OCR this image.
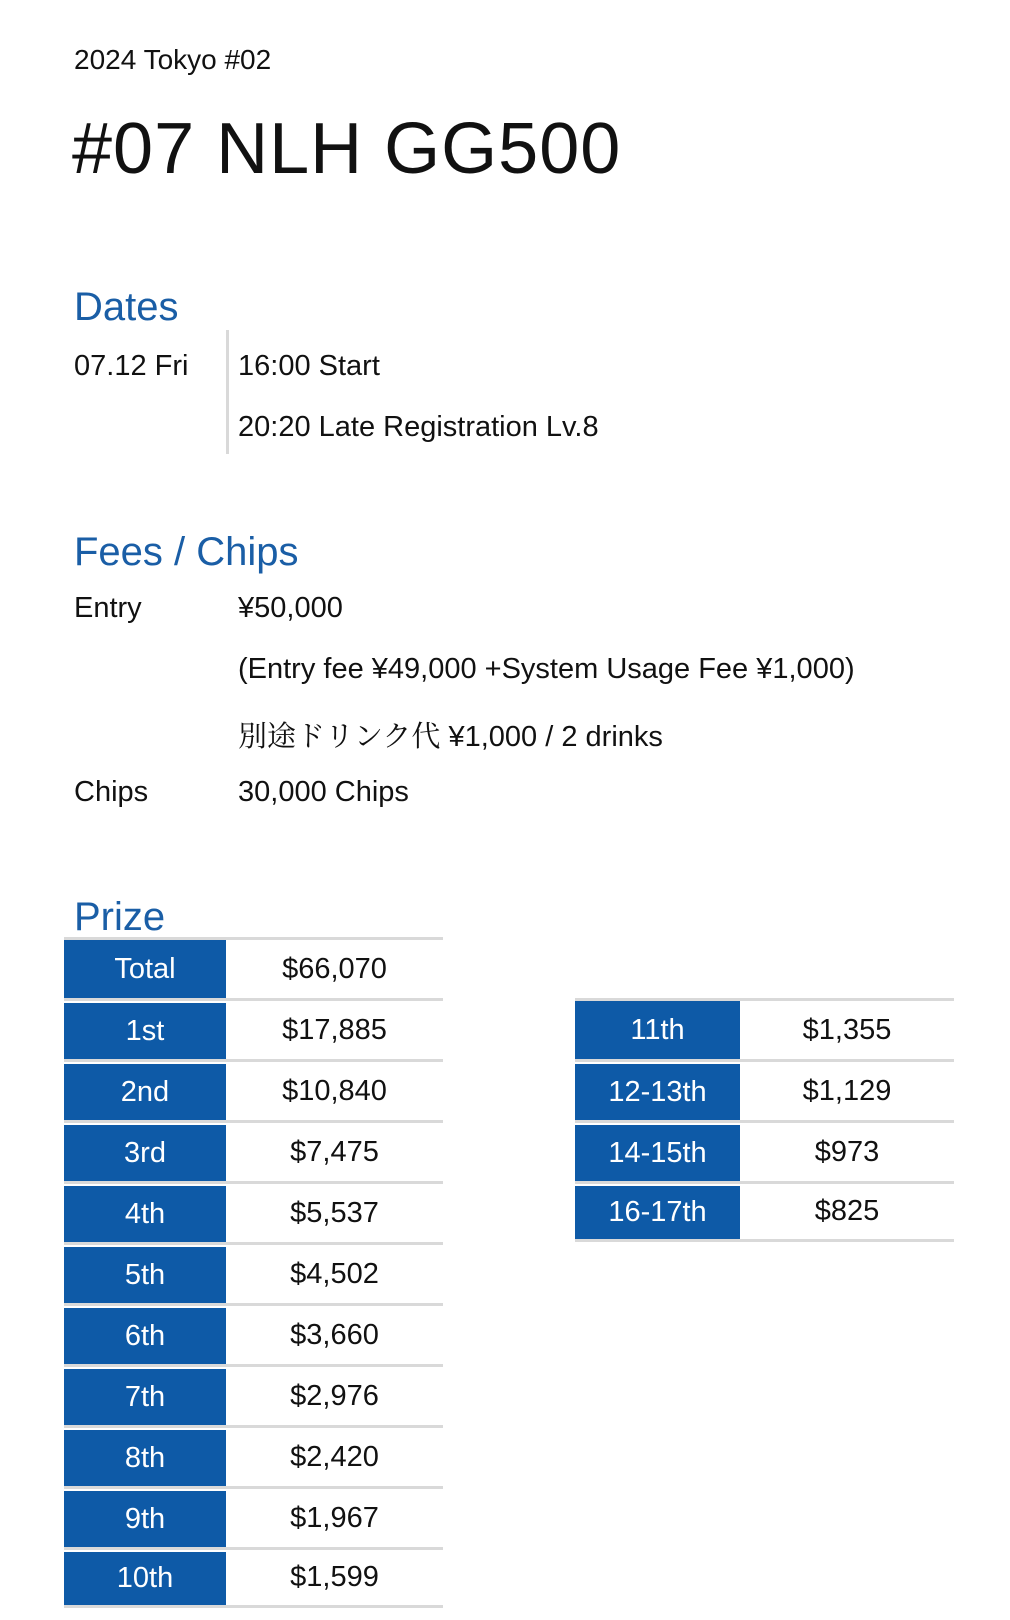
2024 Tokyo #02
#07 NLH GG500
Dates
07.12 Fri 16:00 Start
20:20 Late Registration Lv.8
Fees / Chips
Entry	¥50,000
(Entry fee ¥49,000 +System Usage Fee ¥1,000)
別途ドリンク代 ¥1,000 / 2 drinks
Chips	30,000 Chips
Prize
Total	$66,070
1st	$17,885
2nd	$10,840
3rd	$7,475
4th	$5,537
5th	$4,502
6th	$3,660
7th	$2,976
8th	$2,420
9th	$1,967
10th	$1,599
11th	$1,355
12-13th	$1,129
14-15th	$973
16-17th	$825
